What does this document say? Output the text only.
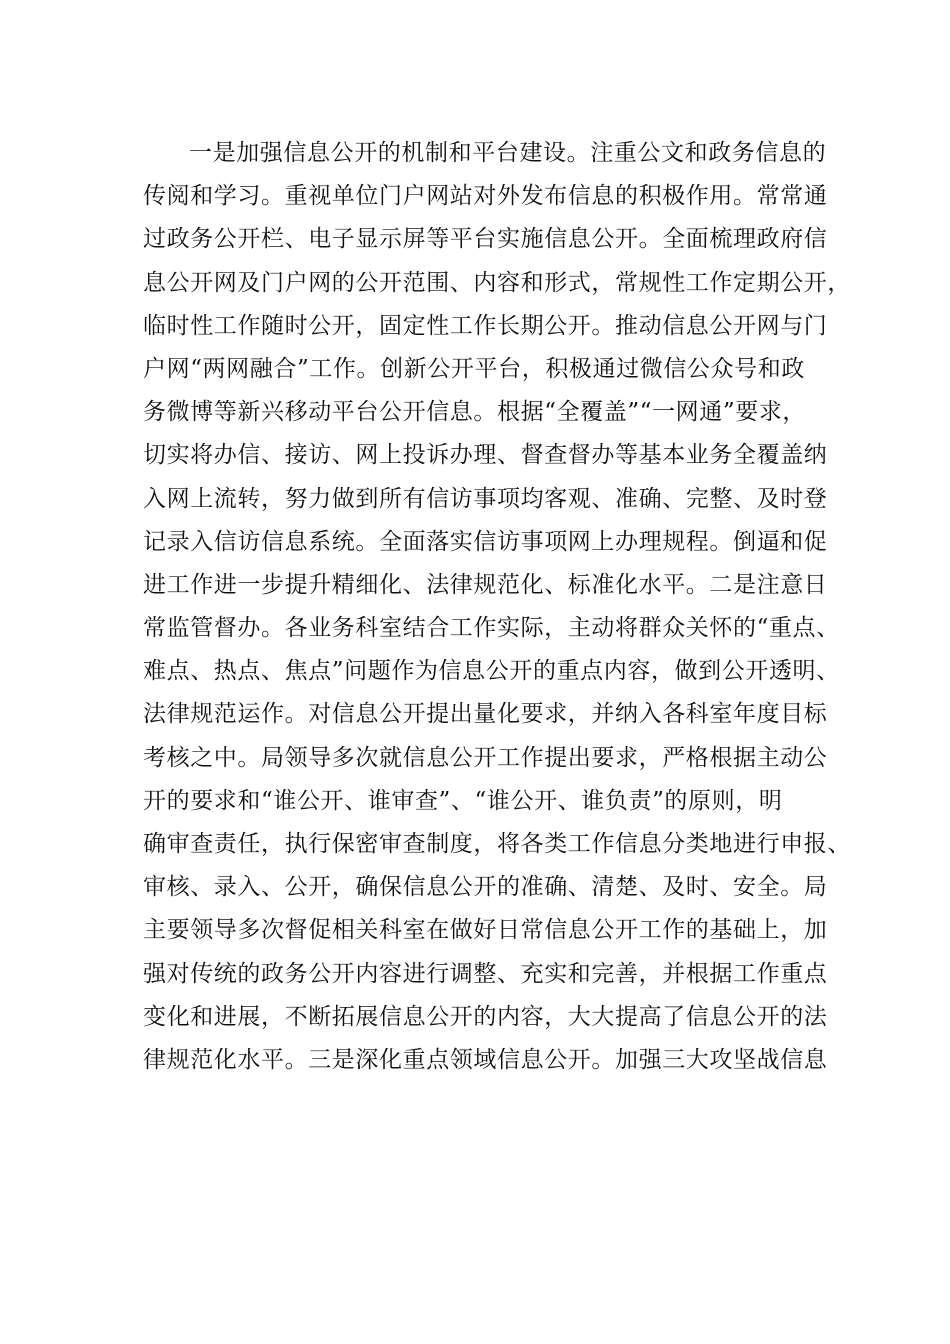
一是加强信息公开的机制和平台建设。注重公文和政务信息的
传阅和学习。重视单位门户网站对外发布信息的积极作用。常常通
过政务公开栏、电子显示屏等平台实施信息公开。全面梳理政府信
息公开网及门户网的公开范围、内容和形式，常规性工作定期公开，
临时性工作随时公开，固定性工作长期公开。推动信息公开网与门
户网“两网融合”工作。创新公开平台，积极通过微信公众号和政
务微博等新兴移动平台公开信息。根据“全覆盖”“一网通”要求，
切实将办信、接访、网上投诉办理、督查督办等基本业务全覆盖纳
入网上流转，努力做到所有信访事项均客观、准确、完整、及时登
记录入信访信息系统。全面落实信访事项网上办理规程。倒逼和促
进工作进一步提升精细化、法律规范化、标准化水平。二是注意日
常监管督办。各业务科室结合工作实际，主动将群众关怀的“重点、
难点、热点、焦点”问题作为信息公开的重点内容，做到公开透明、
法律规范运作。对信息公开提出量化要求，并纳入各科室年度目标
考核之中。局领导多次就信息公开工作提出要求，严格根据主动公
开的要求和“谁公开、谁审查”、“谁公开、谁负责”的原则，明
确审查责任，执行保密审查制度，将各类工作信息分类地进行申报、
审核、录入、公开，确保信息公开的准确、清楚、及时、安全。局
主要领导多次督促相关科室在做好日常信息公开工作的基础上，加
强对传统的政务公开内容进行调整、充实和完善，并根据工作重点
变化和进展，不断拓展信息公开的内容，大大提高了信息公开的法
律规范化水平。三是深化重点领域信息公开。加强三大攻坚战信息
